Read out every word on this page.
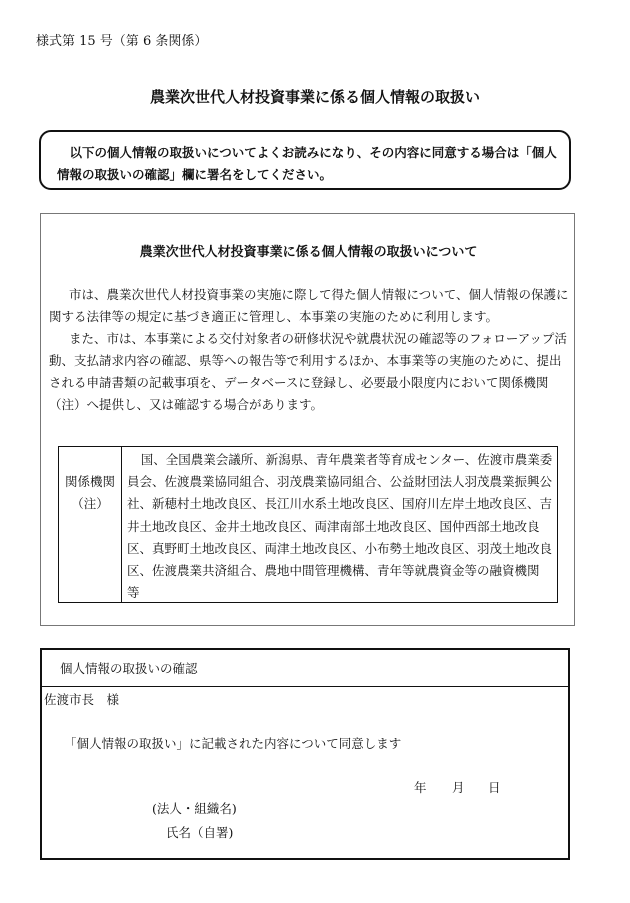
様式第 15 号（第 6 条関係）
農業次世代人材投資事業に係る個人情報の取扱い
以下の個人情報の取扱いについてよくお読みになり、その内容に同意する場合は「個人情報の取扱いの確認」欄に署名をしてください。
農業次世代人材投資事業に係る個人情報の取扱いについて
市は、農業次世代人材投資事業の実施に際して得た個人情報について、個人情報の保護に関する法律等の規定に基づき適正に管理し、本事業の実施のために利用します。
また、市は、本事業による交付対象者の研修状況や就農状況の確認等のフォローアップ活動、支払請求内容の確認、県等への報告等で利用するほか、本事業等の実施のために、提出される申請書類の記載事項を、データベースに登録し、必要最小限度内において関係機関（注）へ提供し、又は確認する場合があります。
関係機関
（注）
国、全国農業会議所、新潟県、青年農業者等育成センター、佐渡市農業委員会、佐渡農業協同組合、羽茂農業協同組合、公益財団法人羽茂農業振興公社、新穂村土地改良区、長江川水系土地改良区、国府川左岸土地改良区、吉井土地改良区、金井土地改良区、両津南部土地改良区、国仲西部土地改良区、真野町土地改良区、両津土地改良区、小布勢土地改良区、羽茂土地改良区、佐渡農業共済組合、農地中間管理機構、青年等就農資金等の融資機関　等
個人情報の取扱いの確認
佐渡市長　様
「個人情報の取扱い」に記載された内容について同意します
年 月 日
(法人・組織名)
氏名（自署)
